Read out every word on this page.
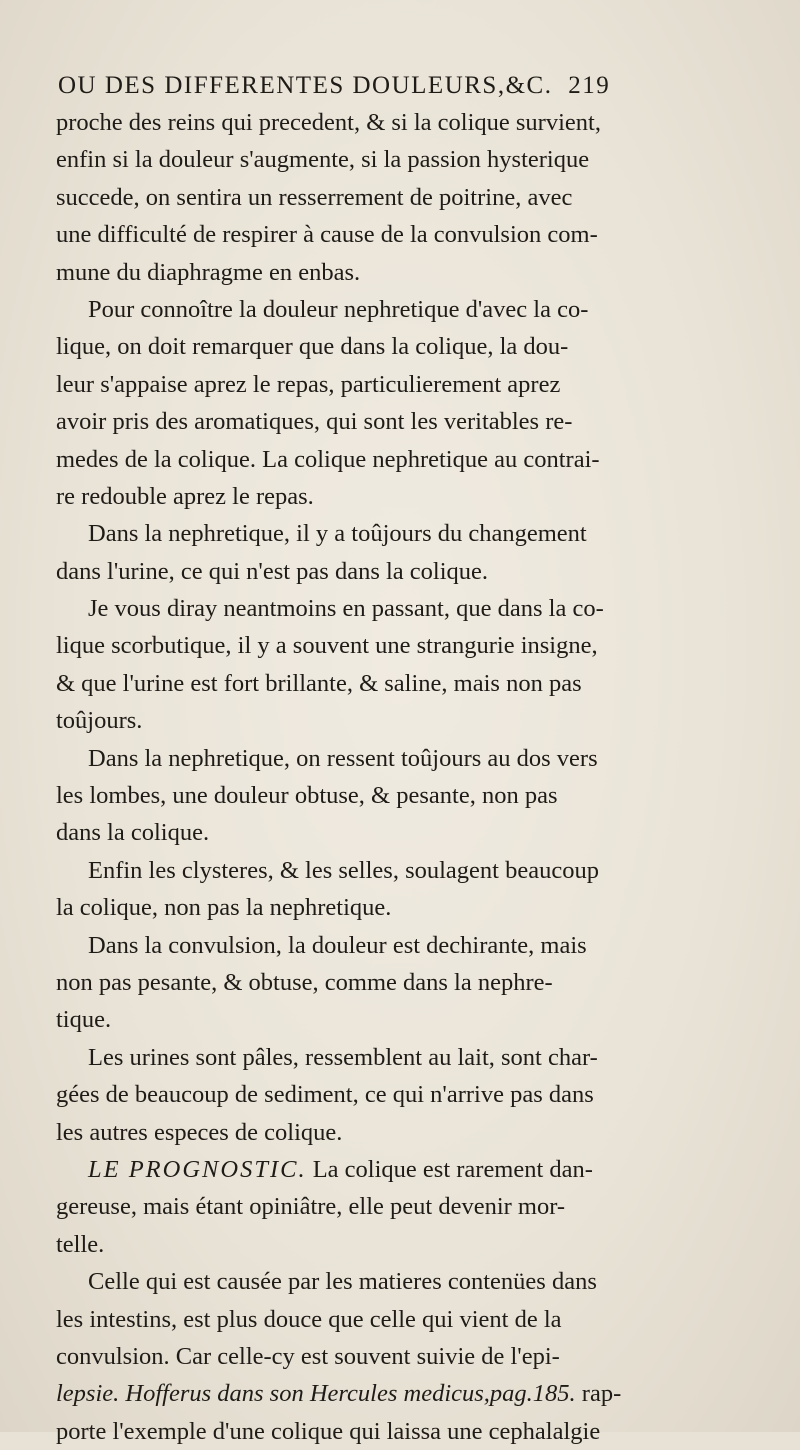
OU DES DIFFERENTES DOULEURS,&C. 219
proche des reins qui precedent, & si la colique survient,
enfin si la douleur s'augmente, si la passion hysterique
succede, on sentira un resserrement de poitrine, avec
une difficulté de respirer à cause de la convulsion com-
mune du diaphragme en enbas.
Pour connoître la douleur nephretique d'avec la co-
lique, on doit remarquer que dans la colique, la dou-
leur s'appaise aprez le repas, particulierement aprez
avoir pris des aromatiques, qui sont les veritables re-
medes de la colique. La colique nephretique au contrai-
re redouble aprez le repas.
Dans la nephretique, il y a toûjours du changement
dans l'urine, ce qui n'est pas dans la colique.
Je vous diray neantmoins en passant, que dans la co-
lique scorbutique, il y a souvent une strangurie insigne,
& que l'urine est fort brillante, & saline, mais non pas
toûjours.
Dans la nephretique, on ressent toûjours au dos vers
les lombes, une douleur obtuse, & pesante, non pas
dans la colique.
Enfin les clysteres, & les selles, soulagent beaucoup
la colique, non pas la nephretique.
Dans la convulsion, la douleur est dechirante, mais
non pas pesante, & obtuse, comme dans la nephre-
tique.
Les urines sont pâles, ressemblent au lait, sont char-
gées de beaucoup de sediment, ce qui n'arrive pas dans
les autres especes de colique.
LE PROGNOSTIC. La colique est rarement dan-
gereuse, mais étant opiniâtre, elle peut devenir mor-
telle.
Celle qui est causée par les matieres contenües dans
les intestins, est plus douce que celle qui vient de la
convulsion. Car celle-cy est souvent suivie de l'epi-
lepsie. Hofferus dans son Hercules medicus,pag.185. rap-
porte l'exemple d'une colique qui laissa une cephalalgie
